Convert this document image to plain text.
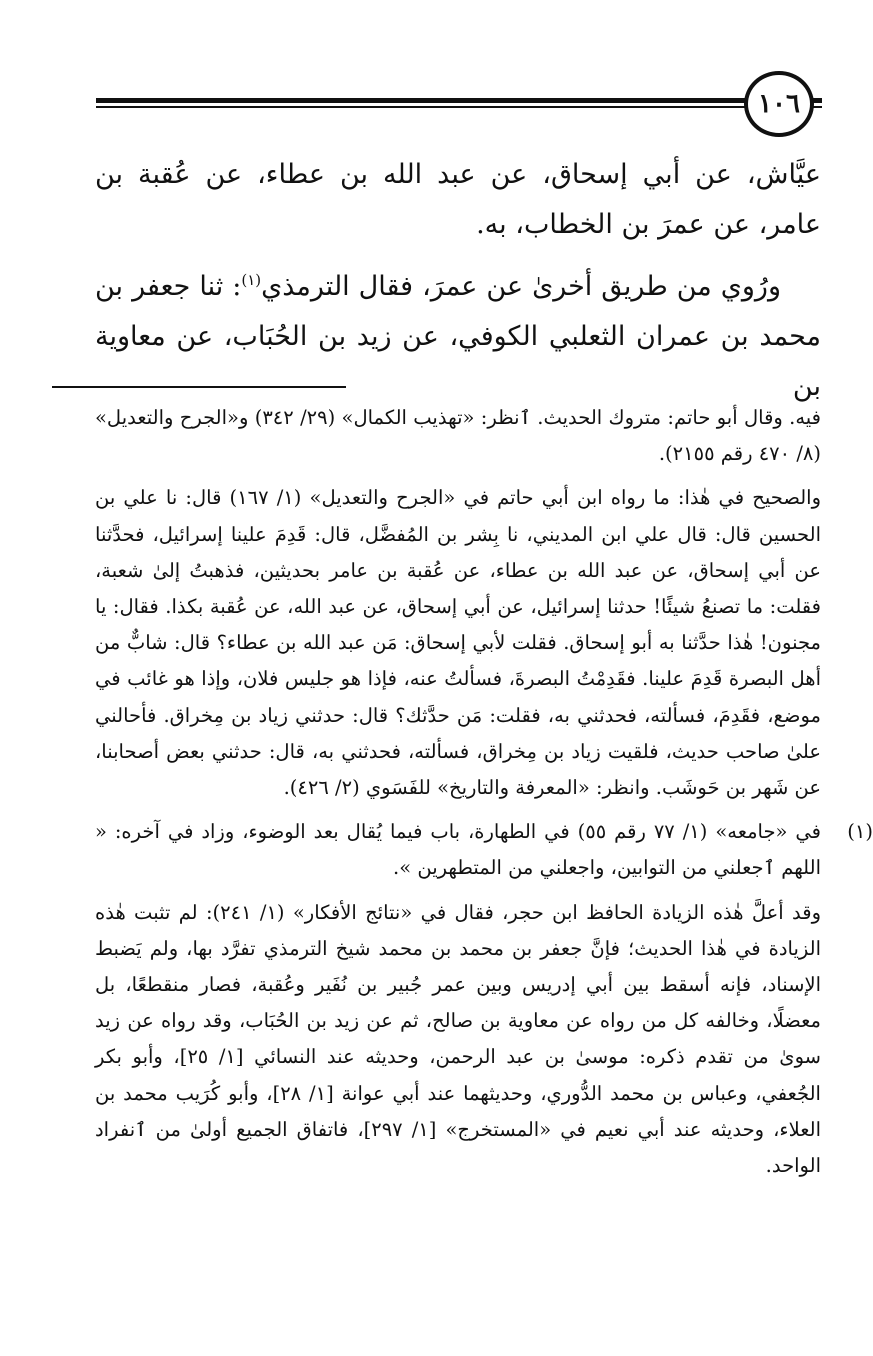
١٠٦

عيَّاش، عن أبي إسحاق، عن عبد الله بن عطاء، عن عُقبة بن عامر، عن عمرَ بن الخطاب، به.

ورُوي من طريق أخرىٰ عن عمرَ، فقال الترمذي$^{(١)}$: ثنا جعفر بن محمد بن عمران الثعلبي الكوفي، عن زيد بن الحُبَاب، عن معاوية بن

فيه. وقال أبو حاتم: متروك الحديث. ٱنظر: «تهذيب الكمال» (٢٩/ ٣٤٢) و«الجرح والتعديل» (٨/ ٤٧٠ رقم ٢١٥٥).

والصحيح في هٰذا: ما رواه ابن أبي حاتم في «الجرح والتعديل» (١/ ١٦٧) قال: نا علي بن الحسين قال: قال علي ابن المديني، نا بِشر بن المُفضَّل، قال: قَدِمَ علينا إسرائيل، فحدَّثنا عن أبي إسحاق، عن عبد الله بن عطاء، عن عُقبة بن عامر بحديثين، فذهبتُ إلىٰ شعبة، فقلت: ما تصنعُ شيئًا! حدثنا إسرائيل، عن أبي إسحاق، عن عبد الله، عن عُقبة بكذا. فقال: يا مجنون! هٰذا حدَّثنا به أبو إسحاق. فقلت لأبي إسحاق: مَن عبد الله بن عطاء؟ قال: شابٌّ من أهل البصرة قَدِمَ علينا. فقَدِمْتُ البصرةَ، فسألتُ عنه، فإذا هو جليس فلان، وإذا هو غائب في موضع، فقَدِمَ، فسألته، فحدثني به، فقلت: مَن حدَّثك؟ قال: حدثني زياد بن مِخراق. فأحالني علىٰ صاحب حديث، فلقيت زياد بن مِخراق، فسألته، فحدثني به، قال: حدثني بعض أصحابنا، عن شَهر بن حَوشَب. وانظر: «المعرفة والتاريخ» للفَسَوي (٢/ ٤٢٦).

(١)
في «جامعه» (١/ ٧٧ رقم ٥٥) في الطهارة، باب فيما يُقال بعد الوضوء، وزاد في آخره: « اللهم ٱجعلني من التوابين، واجعلني من المتطهرين ».

وقد أعلَّ هٰذه الزيادة الحافظ ابن حجر، فقال في «نتائج الأفكار» (١/ ٢٤١): لم تثبت هٰذه الزيادة في هٰذا الحديث؛ فإنَّ جعفر بن محمد بن محمد شيخ الترمذي تفرَّد بها، ولم يَضبط الإسناد، فإنه أسقط بين أبي إدريس وبين عمر جُبير بن نُفَير وعُقبة، فصار منقطعًا، بل معضلًا، وخالفه كل من رواه عن معاوية بن صالح، ثم عن زيد بن الحُبَاب، وقد رواه عن زيد سوىٰ من تقدم ذكره: موسىٰ بن عبد الرحمن، وحديثه عند النسائي [١/ ٢٥]، وأبو بكر الجُعفي، وعباس بن محمد الدُّوري، وحديثهما عند أبي عوانة [١/ ٢٨]، وأبو كُرَيب محمد بن العلاء، وحديثه عند أبي نعيم في «المستخرج» [١/ ٢٩٧]، فاتفاق الجميع أولىٰ من ٱنفراد الواحد.
